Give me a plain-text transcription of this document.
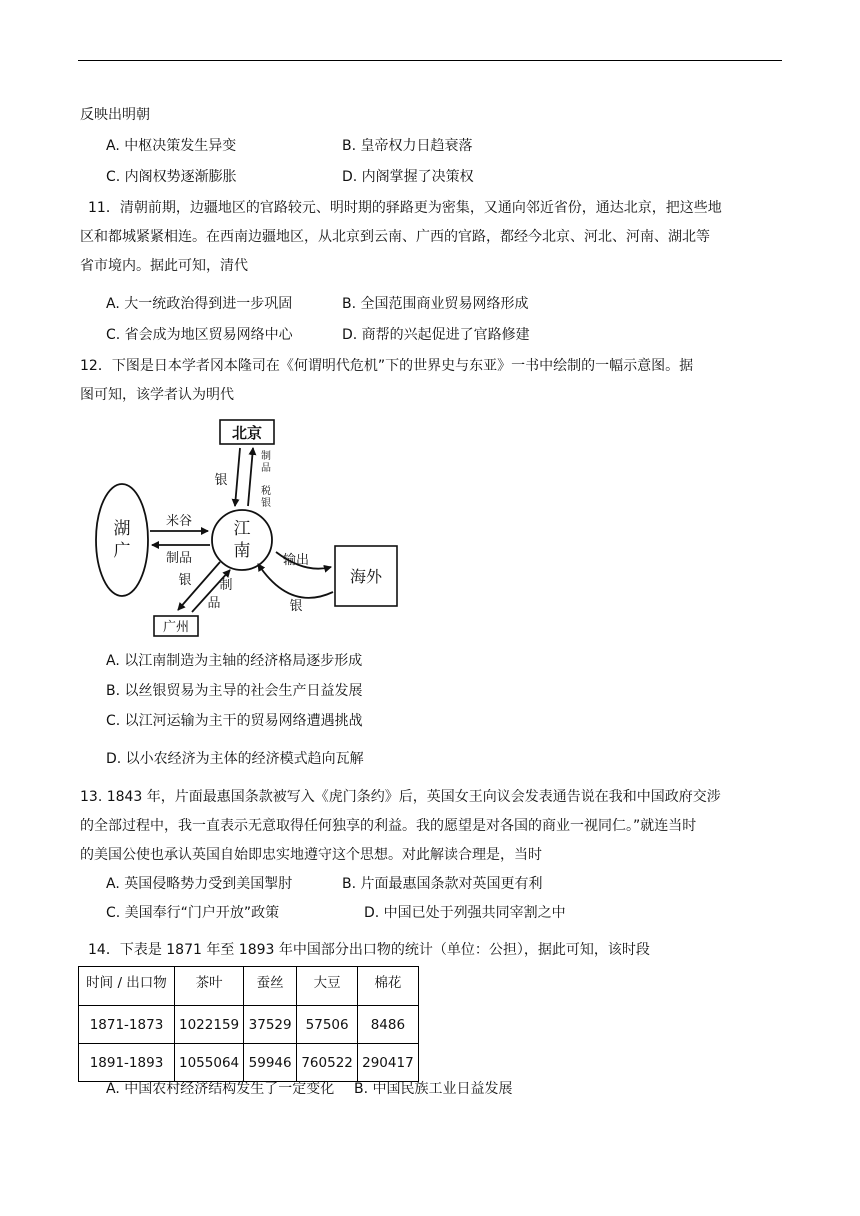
反映出明朝
A. 中枢决策发生异变	B. 皇帝权力日趋衰落
C. 内阁权势逐渐膨胀	D. 内阁掌握了决策权
11．清朝前期，边疆地区的官路较元、明时期的驿路更为密集，又通向邻近省份，通达北京，把这些地
区和都城紧紧相连。在西南边疆地区，从北京到云南、广西的官路，都经今北京、河北、河南、湖北等
省市境内。据此可知，清代
A. 大一统政治得到进一步巩固	B. 全国范围商业贸易网络形成
C. 省会成为地区贸易网络中心	D. 商帮的兴起促进了官路修建
12．下图是日本学者冈本隆司在《何谓明代危机”下的世界史与东亚》一书中绘制的一幅示意图。据
图可知，该学者认为明代
北京
湖
广
江
南
海外
广州
米谷
制品
银
制
品
税
银
输出
银
银 制
品
A. 以江南制造为主轴的经济格局逐步形成
B. 以丝银贸易为主导的社会生产日益发展
C. 以江河运输为主干的贸易网络遭遇挑战
D. 以小农经济为主体的经济模式趋向瓦解
13. 1843 年，片面最惠国条款被写入《虎门条约》后，英国女王向议会发表通告说在我和中国政府交涉
的全部过程中，我一直表示无意取得任何独享的利益。我的愿望是对各国的商业一视同仁。”就连当时
的美国公使也承认英国自始即忠实地遵守这个思想。对此解读合理是，当时
A. 英国侵略势力受到美国掣肘	B. 片面最惠国条款对英国更有利
C. 美国奉行“门户开放”政策	D. 中国已处于列强共同宰割之中
14．下表是 1871 年至 1893 年中国部分出口物的统计（单位：公担），据此可知，该时段
时间 / 出口物	茶叶	蚕丝	大豆	棉花
1871-1873	1022159	37529	57506	8486
1891-1893	1055064	59946	760522	290417
A. 中国农村经济结构发生了一定变化 B. 中国民族工业日益发展
